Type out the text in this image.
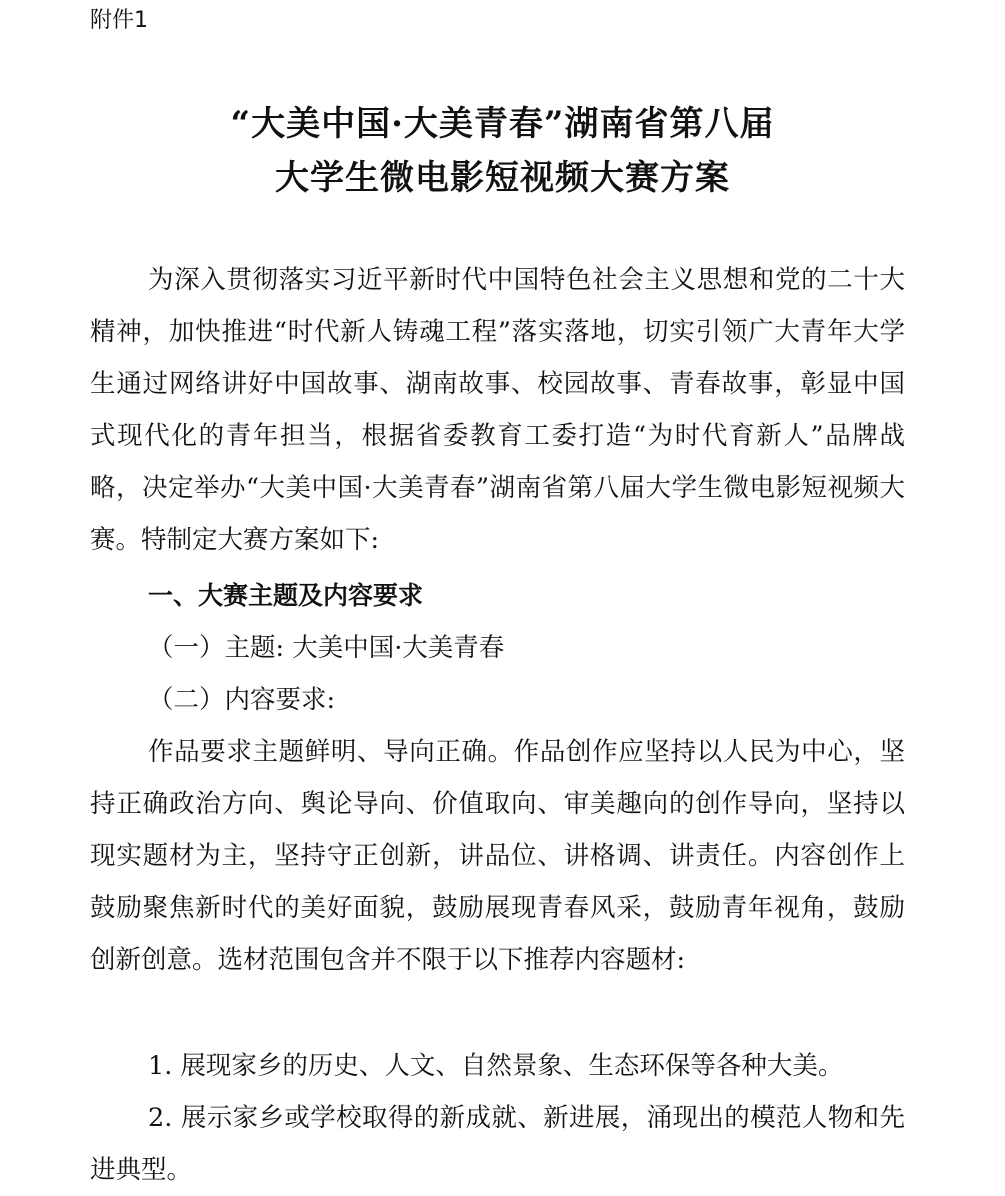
附件1
“大美中国·大美青春”湖南省第八届
大学生微电影短视频大赛方案

为深入贯彻落实习近平新时代中国特色社会主义思想和党的二十大精神，加快推进“时代新人铸魂工程”落实落地，切实引领广大青年大学生通过网络讲好中国故事、湖南故事、校园故事、青春故事，彰显中国式现代化的青年担当，根据省委教育工委打造“为时代育新人”品牌战略，决定举办“大美中国·大美青春”湖南省第八届大学生微电影短视频大赛。特制定大赛方案如下:

一、大赛主题及内容要求
（一）主题: 大美中国·大美青春
（二）内容要求:

作品要求主题鲜明、导向正确。作品创作应坚持以人民为中心，坚持正确政治方向、舆论导向、价值取向、审美趣向的创作导向，坚持以现实题材为主，坚持守正创新，讲品位、讲格调、讲责任。内容创作上鼓励聚焦新时代的美好面貌，鼓励展现青春风采，鼓励青年视角，鼓励创新创意。选材范围包含并不限于以下推荐内容题材:

1. 展现家乡的历史、人文、自然景象、生态环保等各种大美。

2. 展示家乡或学校取得的新成就、新进展，涌现出的模范人物和先进典型。
